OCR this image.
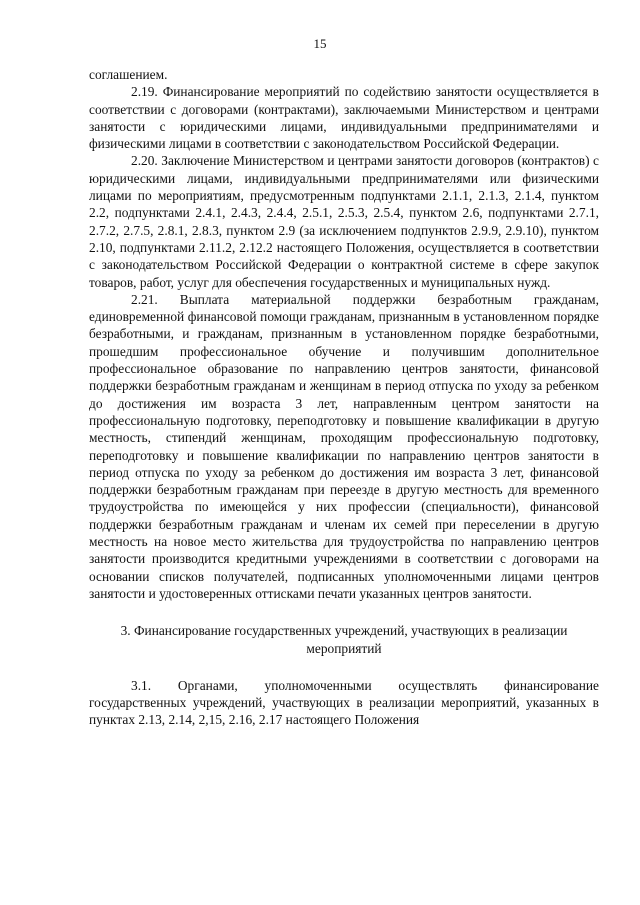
15

соглашением.

2.19. Финансирование мероприятий по содействию занятости осуществляется в соответствии с договорами (контрактами), заключаемыми Министерством и центрами занятости с юридическими лицами, индивидуальными предпринимателями и физическими лицами в соответствии с законодательством Российской Федерации.

2.20. Заключение Министерством и центрами занятости договоров (контрактов) с юридическими лицами, индивидуальными предпринимателями или физическими лицами по мероприятиям, предусмотренным подпунктами 2.1.1, 2.1.3, 2.1.4, пунктом 2.2, подпунктами 2.4.1, 2.4.3, 2.4.4, 2.5.1, 2.5.3, 2.5.4, пунктом 2.6, подпунктами 2.7.1, 2.7.2, 2.7.5, 2.8.1, 2.8.3, пунктом 2.9 (за исключением подпунктов 2.9.9, 2.9.10), пунктом 2.10, подпунктами 2.11.2, 2.12.2 настоящего Положения, осуществляется в соответствии с законодательством Российской Федерации о контрактной системе в сфере закупок товаров, работ, услуг для обеспечения государственных и муниципальных нужд.

2.21. Выплата материальной поддержки безработным гражданам, единовременной финансовой помощи гражданам, признанным в установленном порядке безработными, и гражданам, признанным в установленном порядке безработными, прошедшим профессиональное обучение и получившим дополнительное профессиональное образование по направлению центров занятости, финансовой поддержки безработным гражданам и женщинам в период отпуска по уходу за ребенком до достижения им возраста 3 лет, направленным центром занятости на профессиональную подготовку, переподготовку и повышение квалификации в другую местность, стипендий женщинам, проходящим профессиональную подготовку, переподготовку и повышение квалификации по направлению центров занятости в период отпуска по уходу за ребенком до достижения им возраста 3 лет, финансовой поддержки безработным гражданам при переезде в другую местность для временного трудоустройства по имеющейся у них профессии (специальности), финансовой поддержки безработным гражданам и членам их семей при переселении в другую местность на новое место жительства для трудоустройства по направлению центров занятости производится кредитными учреждениями в соответствии с договорами на основании списков получателей, подписанных уполномоченными лицами центров занятости и удостоверенных оттисками печати указанных центров занятости.

3. Финансирование государственных учреждений, участвующих в реализации мероприятий

3.1. Органами, уполномоченными осуществлять финансирование государственных учреждений, участвующих в реализации мероприятий, указанных в пунктах 2.13, 2.14, 2,15, 2.16, 2.17 настоящего Положения
